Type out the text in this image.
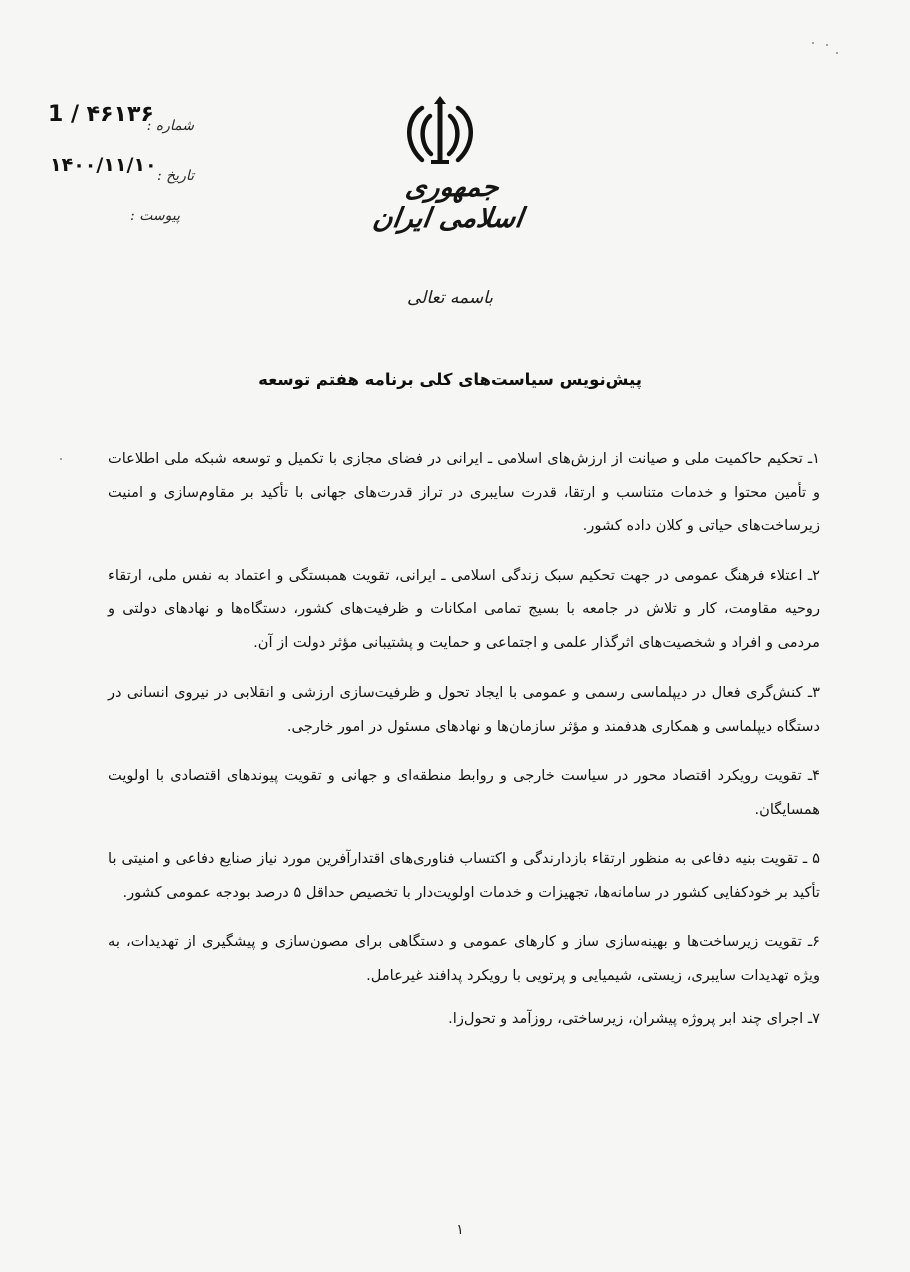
جمهوری اسلامی ایران
شماره :
1 / ۴۶۱۳۶
تاریخ :
۱۴۰۰/۱۱/۱۰
پیوست :
باسمه تعالی
پیش‌نویس سیاست‌های کلی برنامه هفتم توسعه

۱ـ تحکیم حاکمیت ملی و صیانت از ارزش‌های اسلامی ـ ایرانی در فضای مجازی با تکمیل و توسعه شبکه ملی اطلاعات و تأمین محتوا و خدمات متناسب و ارتقا، قدرت سایبری در تراز قدرت‌های جهانی با تأکید بر مقاوم‌سازی و امنیت زیرساخت‌های حیاتی و کلان داده کشور.

۲ـ اعتلاء فرهنگ عمومی در جهت تحکیم سبک زندگی اسلامی ـ ایرانی، تقویت همبستگی و اعتماد به نفس ملی، ارتقاء روحیه مقاومت، کار و تلاش در جامعه با بسیج تمامی امکانات و ظرفیت‌های کشور، دستگاه‌ها و نهادهای دولتی و مردمی و افراد و شخصیت‌های اثرگذار علمی و اجتماعی و حمایت و پشتیبانی مؤثر دولت از آن.

۳ـ کنش‌گری فعال در دیپلماسی رسمی و عمومی با ایجاد تحول و ظرفیت‌سازی ارزشی و انقلابی در نیروی انسانی در دستگاه دیپلماسی و همکاری هدفمند و مؤثر سازمان‌ها و نهادهای مسئول در امور خارجی.

۴ـ تقویت رویکرد اقتصاد محور در سیاست خارجی و روابط منطقه‌ای و جهانی و تقویت پیوندهای اقتصادی با اولویت همسایگان.

۵ ـ تقویت بنیه دفاعی به منظور ارتقاء بازدارندگی و اکتساب فناوری‌های اقتدارآفرین مورد نیاز صنایع دفاعی و امنیتی با تأکید بر خودکفایی کشور در سامانه‌ها، تجهیزات و خدمات اولویت‌دار با تخصیص حداقل ۵ درصد بودجه عمومی کشور.

۶ـ تقویت زیرساخت‌ها و بهینه‌سازی ساز و کارهای عمومی و دستگاهی برای مصون‌سازی و پیشگیری از تهدیدات، به ویژه تهدیدات سایبری، زیستی، شیمیایی و پرتویی با رویکرد پدافند غیرعامل.

۷ـ اجرای چند ابر پروژه پیشران، زیرساختی، روزآمد و تحول‌زا.

۱
